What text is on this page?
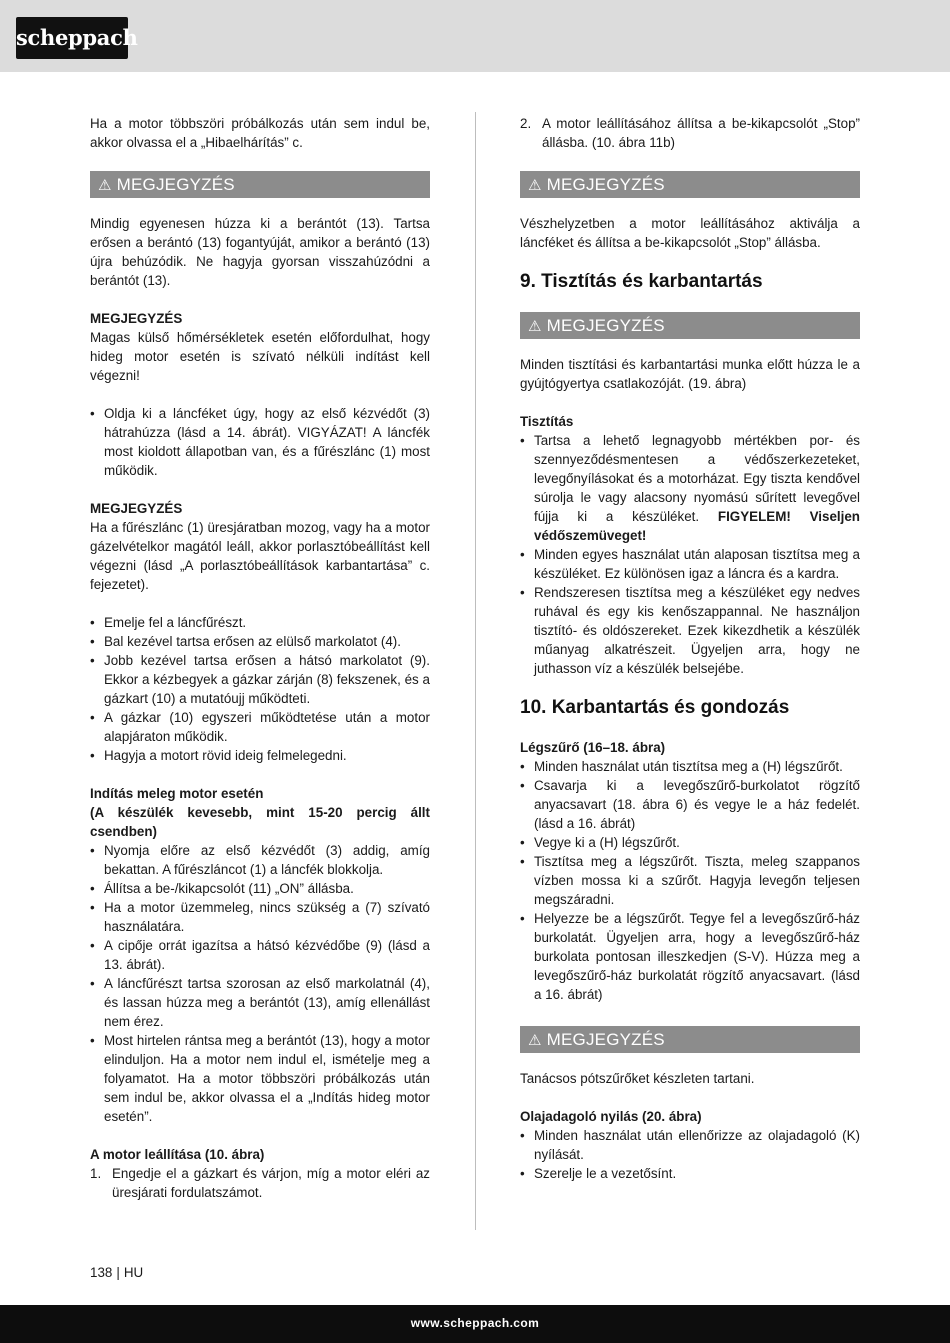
scheppach

Ha a motor többszöri próbálkozás után sem indul be, akkor olvassa el a „Hibaelhárítás” c.

⚠ MEGJEGYZÉS

Mindig egyenesen húzza ki a berántót (13). Tartsa erősen a berántó (13) fogantyúját, amikor a berántó (13) újra behúzódik. Ne hagyja gyorsan visszahúzódni a berántót (13).

MEGJEGYZÉS

Magas külső hőmérsékletek esetén előfordulhat, hogy hideg motor esetén is szívató nélküli indítást kell végezni!

• Oldja ki a láncféket úgy, hogy az első kézvédőt (3) hátrahúzza (lásd a 14. ábrát). VIGYÁZAT! A láncfék most kioldott állapotban van, és a fűrészlánc (1) most működik.

MEGJEGYZÉS

Ha a fűrészlánc (1) üresjáratban mozog, vagy ha a motor gázelvételkor magától leáll, akkor porlasztóbeállítást kell végezni (lásd „A porlasztóbeállítások karbantartása” c. fejezetet).

• Emelje fel a láncfűrészt.
• Bal kezével tartsa erősen az elülső markolatot (4).
• Jobb kezével tartsa erősen a hátsó markolatot (9). Ekkor a kézbegyek a gázkar zárján (8) fekszenek, és a gázkart (10) a mutatóujj működteti.
• A gázkar (10) egyszeri működtetése után a motor alapjáraton működik.
• Hagyja a motort rövid ideig felmelegedni.

Indítás meleg motor esetén

(A készülék kevesebb, mint 15-20 percig állt csendben)

• Nyomja előre az első kézvédőt (3) addig, amíg bekattan. A fűrészláncot (1) a láncfék blokkolja.
• Állítsa a be-/kikapcsolót (11) „ON” állásba.
• Ha a motor üzemmeleg, nincs szükség a (7) szívató használatára.
• A cipője orrát igazítsa a hátsó kézvédőbe (9) (lásd a 13. ábrát).
• A láncfűrészt tartsa szorosan az első markolatnál (4), és lassan húzza meg a berántót (13), amíg ellenállást nem érez.
• Most hirtelen rántsa meg a berántót (13), hogy a motor elinduljon. Ha a motor nem indul el, ismételje meg a folyamatot. Ha a motor többszöri próbálkozás után sem indul be, akkor olvassa el a „Indítás hideg motor esetén”.

A motor leállítása (10. ábra)

1. Engedje el a gázkart és várjon, míg a motor eléri az üresjárati fordulatszámot.
2. A motor leállításához állítsa a be-kikapcsolót „Stop” állásba. (10. ábra 11b)
⚠ MEGJEGYZÉS

Vészhelyzetben a motor leállításához aktiválja a láncféket és állítsa a be-kikapcsolót „Stop” állásba.

9. Tisztítás és karbantartás
⚠ MEGJEGYZÉS

Minden tisztítási és karbantartási munka előtt húzza le a gyújtógyertya csatlakozóját. (19. ábra)

Tisztítás

• Tartsa a lehető legnagyobb mértékben por- és szennyeződésmentesen a védőszerkezeteket, levegőnyílásokat és a motorházat. Egy tiszta kendővel súrolja le vagy alacsony nyomású sűrített levegővel fújja ki a készüléket. FIGYELEM! Viseljen védőszemüveget!
• Minden egyes használat után alaposan tisztítsa meg a készüléket. Ez különösen igaz a láncra és a kardra.
• Rendszeresen tisztítsa meg a készüléket egy nedves ruhával és egy kis kenőszappannal. Ne használjon tisztító- és oldószereket. Ezek kikezdhetik a készülék műanyag alkatrészeit. Ügyeljen arra, hogy ne juthasson víz a készülék belsejébe.
10. Karbantartás és gondozás

Légszűrő (16–18. ábra)

• Minden használat után tisztítsa meg a (H) légszűrőt.
• Csavarja ki a levegőszűrő-burkolatot rögzítő anyacsavart (18. ábra 6) és vegye le a ház fedelét. (lásd a 16. ábrát)
• Vegye ki a (H) légszűrőt.
• Tisztítsa meg a légszűrőt. Tiszta, meleg szappanos vízben mossa ki a szűrőt. Hagyja levegőn teljesen megszáradni.
• Helyezze be a légszűrőt. Tegye fel a levegőszűrő-ház burkolatát. Ügyeljen arra, hogy a levegőszűrő-ház burkolata pontosan illeszkedjen (S-V). Húzza meg a levegőszűrő-ház burkolatát rögzítő anyacsavart. (lásd a 16. ábrát)
⚠ MEGJEGYZÉS

Tanácsos pótszűrőket készleten tartani.

Olajadagoló nyilás (20. ábra)

• Minden használat után ellenőrizze az olajadagoló (K) nyílását.
• Szerelje le a vezetősínt.
138 | HU
www.scheppach.com
